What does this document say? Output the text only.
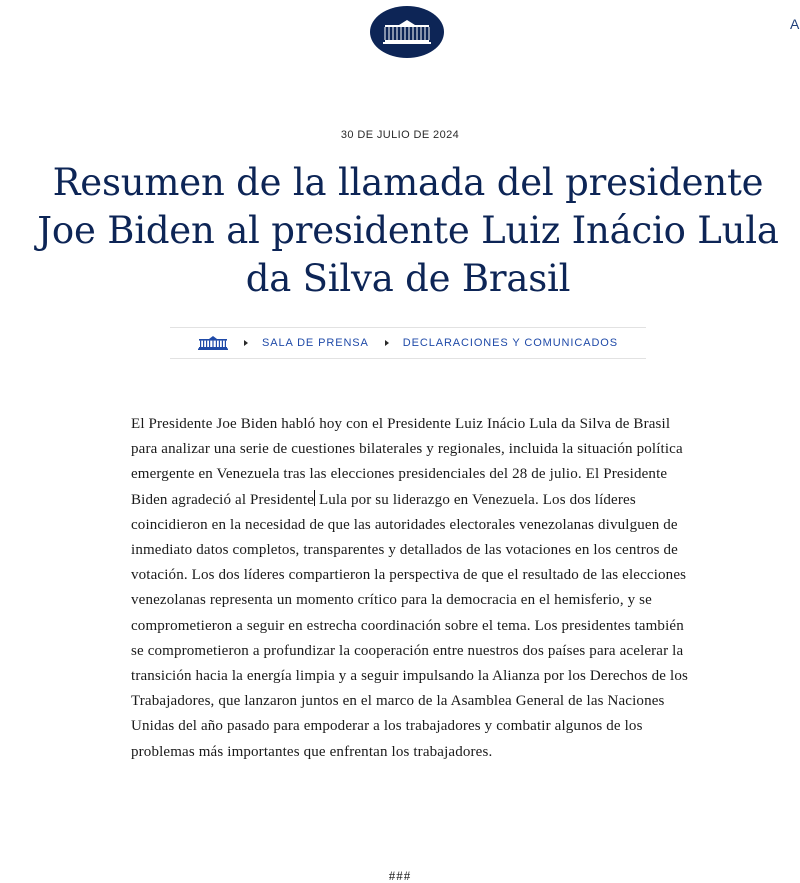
A
30 DE JULIO DE 2024
Resumen de la llamada del presidente Joe Biden al presidente Luiz Inácio Lula da Silva de Brasil
SALA DE PRENSA	DECLARACIONES Y COMUNICADOS

El Presidente Joe Biden habló hoy con el Presidente Luiz Inácio Lula da Silva de Brasil para analizar una serie de cuestiones bilaterales y regionales, incluida la situación política emergente en Venezuela tras las elecciones presidenciales del 28 de julio. El Presidente Biden agradeció al Presidente Lula por su liderazgo en Venezuela. Los dos líderes coincidieron en la necesidad de que las autoridades electorales venezolanas divulguen de inmediato datos completos, transparentes y detallados de las votaciones en los centros de votación. Los dos líderes compartieron la perspectiva de que el resultado de las elecciones venezolanas representa un momento crítico para la democracia en el hemisferio, y se comprometieron a seguir en estrecha coordinación sobre el tema. Los presidentes también se comprometieron a profundizar la cooperación entre nuestros dos países para acelerar la transición hacia la energía limpia y a seguir impulsando la Alianza por los Derechos de los Trabajadores, que lanzaron juntos en el marco de la Asamblea General de las Naciones Unidas del año pasado para empoderar a los trabajadores y combatir algunos de los problemas más importantes que enfrentan los trabajadores.

###
